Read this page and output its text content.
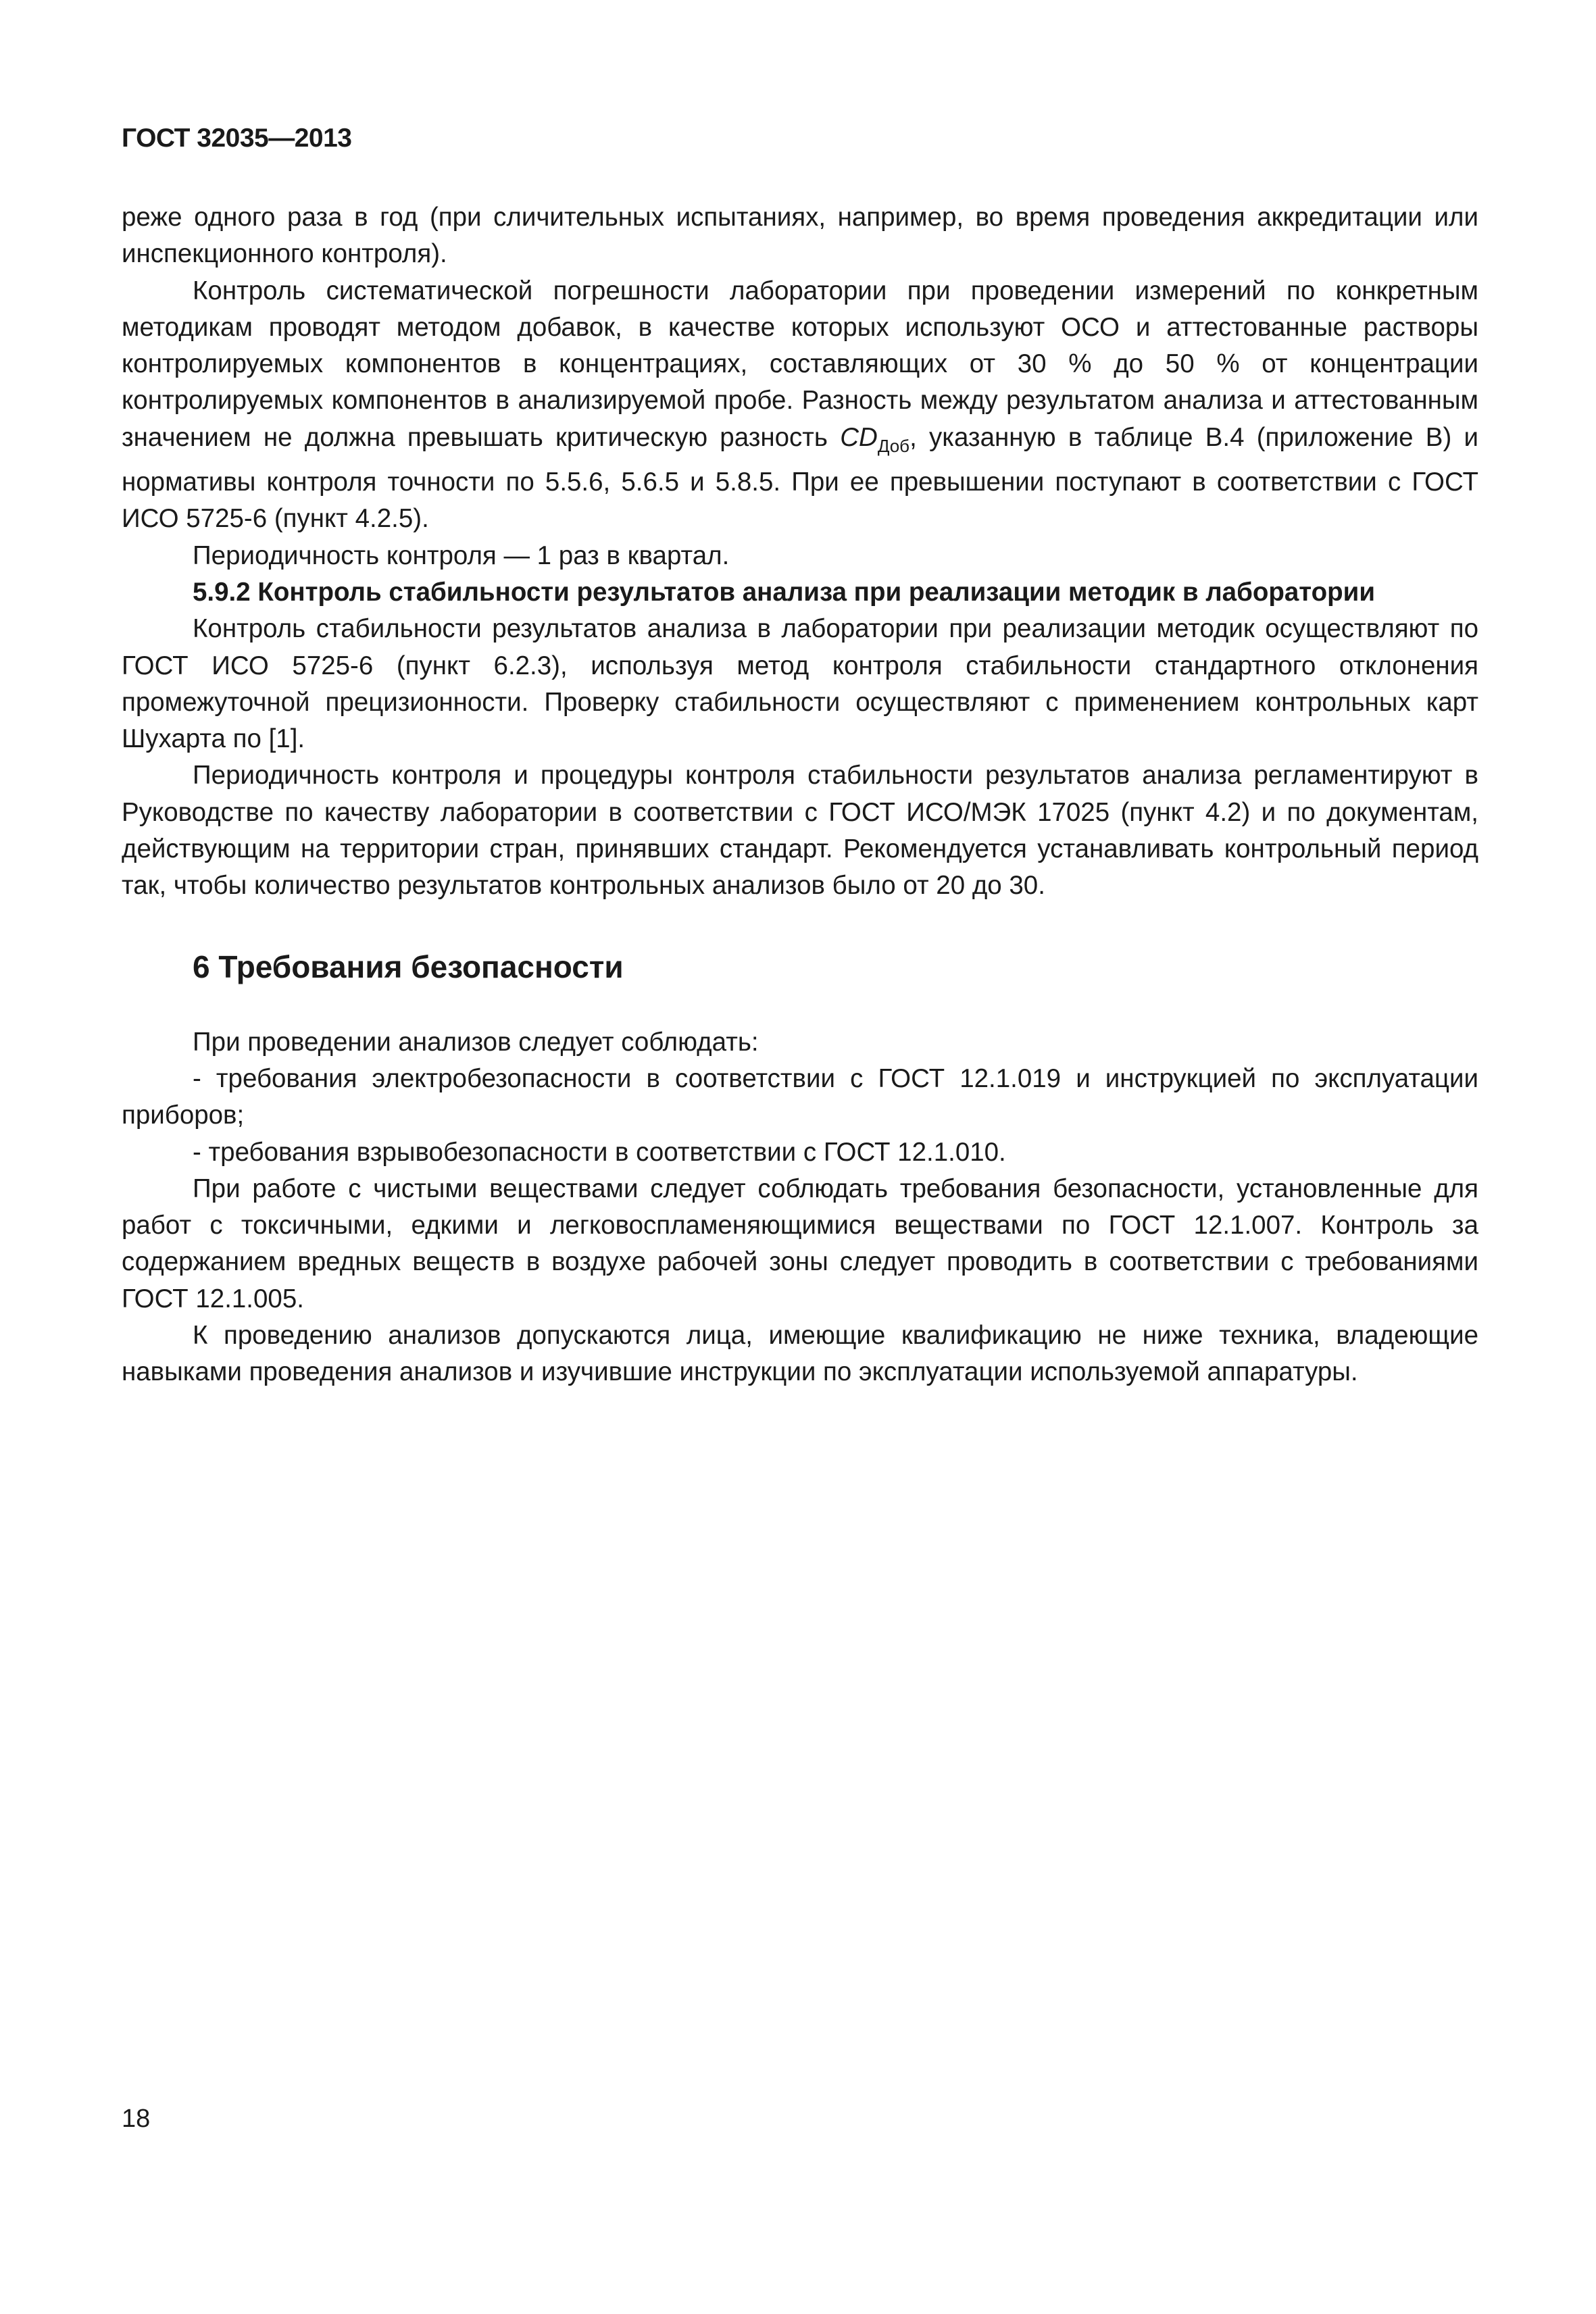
ГОСТ 32035—2013

реже одного раза в год (при сличительных испытаниях, например, во время проведения аккредитации или инспекционного контроля).

Контроль систематической погрешности лаборатории при проведении измерений по конкретным методикам проводят методом добавок, в качестве которых используют ОСО и аттестованные растворы контролируемых компонентов в концентрациях, составляющих от 30 % до 50 % от концентрации контролируемых компонентов в анализируемой пробе. Разность между результатом анализа и аттестованным значением не должна превышать критическую разность $CD_{Доб}$, указанную в таблице В.4 (приложение В) и нормативы контроля точности по 5.5.6, 5.6.5 и 5.8.5. При ее превышении поступают в соответствии с ГОСТ ИСО 5725-6 (пункт 4.2.5).

Периодичность контроля — 1 раз в квартал.

5.9.2 Контроль стабильности результатов анализа при реализации методик в лаборатории

Контроль стабильности результатов анализа в лаборатории при реализации методик осуществляют по ГОСТ ИСО 5725-6 (пункт 6.2.3), используя метод контроля стабильности стандартного отклонения промежуточной прецизионности. Проверку стабильности осуществляют с применением контрольных карт Шухарта по [1].

Периодичность контроля и процедуры контроля стабильности результатов анализа регламентируют в Руководстве по качеству лаборатории в соответствии с ГОСТ ИСО/МЭК 17025 (пункт 4.2) и по документам, действующим на территории стран, принявших стандарт. Рекомендуется устанавливать контрольный период так, чтобы количество результатов контрольных анализов было от 20 до 30.

6 Требования безопасности

При проведении анализов следует соблюдать:

- требования электробезопасности в соответствии с ГОСТ 12.1.019 и инструкцией по эксплуатации приборов;

- требования взрывобезопасности в соответствии с ГОСТ 12.1.010.

При работе с чистыми веществами следует соблюдать требования безопасности, установленные для работ с токсичными, едкими и легковоспламеняющимися веществами по ГОСТ 12.1.007. Контроль за содержанием вредных веществ в воздухе рабочей зоны следует проводить в соответствии с требованиями ГОСТ 12.1.005.

К проведению анализов допускаются лица, имеющие квалификацию не ниже техника, владеющие навыками проведения анализов и изучившие инструкции по эксплуатации используемой аппаратуры.

18
